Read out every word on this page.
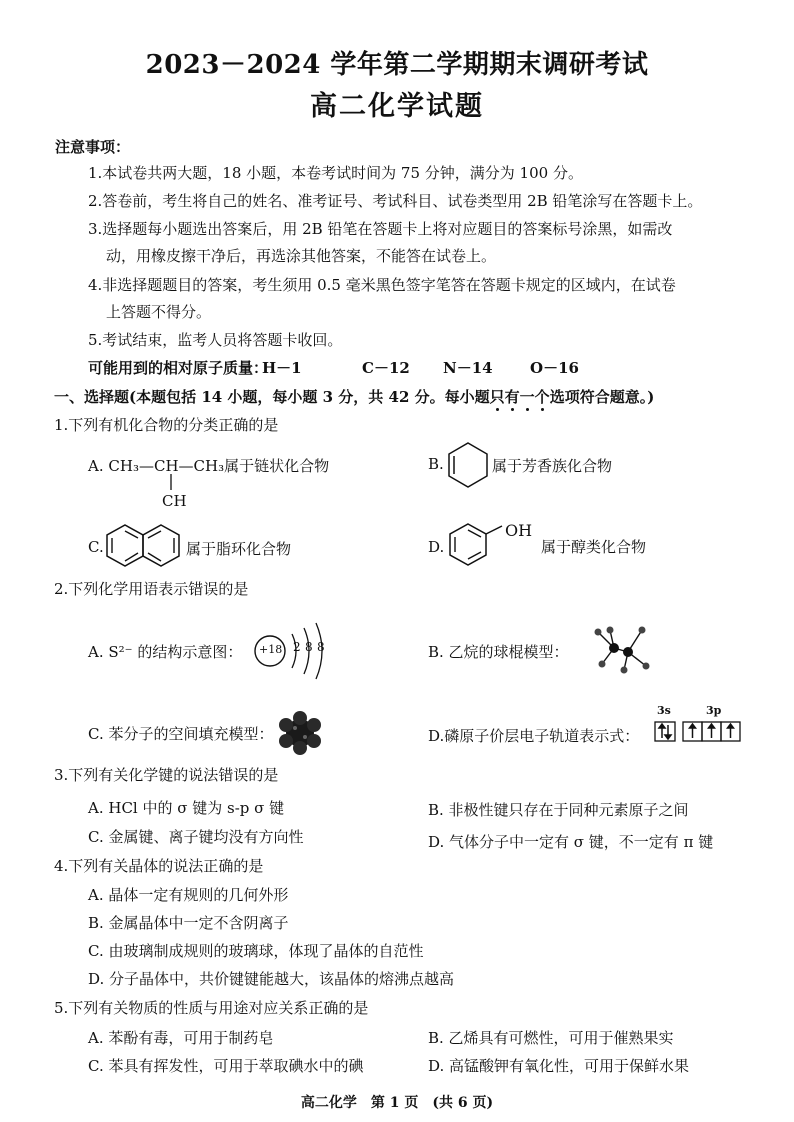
2023－2024 学年第二学期期末调研考试
高二化学试题
注意事项：
1.本试卷共两大题，18 小题，本卷考试时间为 75 分钟，满分为 100 分。
2.答卷前，考生将自己的姓名、准考证号、考试科目、试卷类型用 2B 铅笔涂写在答题卡上。
3.选择题每小题选出答案后，用 2B 铅笔在答题卡上将对应题目的答案标号涂黑，如需改
动，用橡皮擦干净后，再选涂其他答案，不能答在试卷上。
4.非选择题题目的答案，考生须用 0.5 毫米黑色签字笔答在答题卡规定的区域内，在试卷
上答题不得分。
5.考试结束，监考人员将答题卡收回。
可能用到的相对原子质量：
H－1	C－12 N－14 O－16
一、选择题(本题包括 14 小题，每小题 3 分，共 42 分。每小题只有一个选项符合题意。)
1.下列有机化合物的分类正确的是
A. CH₃—CH—CH₃属于链状化合物
CH
B.	属于芳香族化合物
C.	属于脂环化合物	D.
OH
属于醇类化合物
2.下列化学用语表示错误的是
A. S²⁻ 的结构示意图： +18 2 8 8	B. 乙烷的球棍模型：
C. 苯分子的空间填充模型：	D.磷原子价层电子轨道表示式：
3s	3p
3.下列有关化学键的说法错误的是
A. HCl 中的 σ 键为 s-p σ 键	B. 非极性键只存在于同种元素原子之间
C. 金属键、离子键均没有方向性	D. 气体分子中一定有 σ 键，不一定有 π 键
4.下列有关晶体的说法正确的是
A. 晶体一定有规则的几何外形
B. 金属晶体中一定不含阴离子
C. 由玻璃制成规则的玻璃球，体现了晶体的自范性
D. 分子晶体中，共价键键能越大，该晶体的熔沸点越高
5.下列有关物质的性质与用途对应关系正确的是
A. 苯酚有毒，可用于制药皂	B. 乙烯具有可燃性，可用于催熟果实
C. 苯具有挥发性，可用于萃取碘水中的碘	D. 高锰酸钾有氧化性，可用于保鲜水果
高二化学　第 1 页　(共 6 页)
